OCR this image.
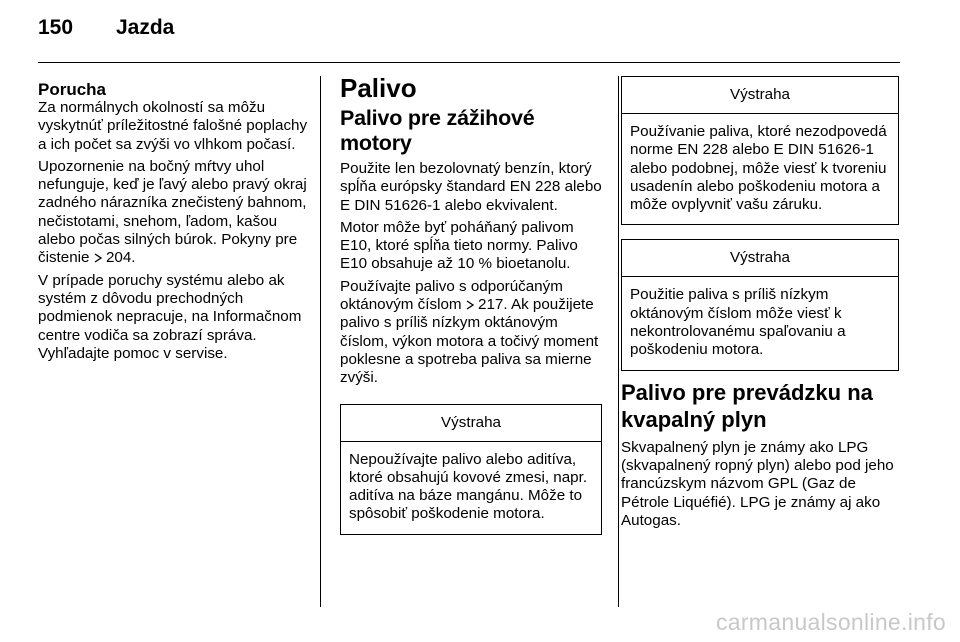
150 Jazda
Porucha

Za normálnych okolností sa môžu vyskytnúť príležitostné falošné poplachy a ich počet sa zvýši vo vlhkom počasí.

Upozornenie na bočný mŕtvy uhol nefunguje, keď je ľavý alebo pravý okraj zadného nárazníka znečistený bahnom, nečistotami, snehom, ľadom, kašou alebo počas silných búrok. Pokyny pre čistenie 204.

V prípade poruchy systému alebo ak systém z dôvodu prechodných podmienok nepracuje, na Informačnom centre vodiča sa zobrazí správa. Vyhľadajte pomoc v servise.

Palivo
Palivo pre zážihové motory

Použite len bezolovnatý benzín, ktorý spĺňa európsky štandard EN 228 alebo E DIN 51626-1 alebo ekvivalent.

Motor môže byť poháňaný palivom E10, ktoré spĺňa tieto normy. Palivo E10 obsahuje až 10 % bioetanolu.

Používajte palivo s odporúčaným oktánovým číslom 217. Ak použijete palivo s príliš nízkym oktánovým číslom, výkon motora a točivý moment poklesne a spotreba paliva sa mierne zvýši.

Výstraha

Nepoužívajte palivo alebo aditíva, ktoré obsahujú kovové zmesi, napr. aditíva na báze mangánu. Môže to spôsobiť poškodenie motora.

Výstraha

Používanie paliva, ktoré nezodpovedá norme EN 228 alebo E DIN 51626-1 alebo podobnej, môže viesť k tvoreniu usadenín alebo poškodeniu motora a môže ovplyvniť vašu záruku.

Výstraha

Použitie paliva s príliš nízkym oktánovým číslom môže viesť k nekontrolovanému spaľovaniu a poškodeniu motora.

Palivo pre prevádzku na kvapalný plyn

Skvapalnený plyn je známy ako LPG (skvapalnený ropný plyn) alebo pod jeho francúzskym názvom GPL (Gaz de Pétrole Liquéfié). LPG je známy aj ako Autogas.

carmanualsonline.info
